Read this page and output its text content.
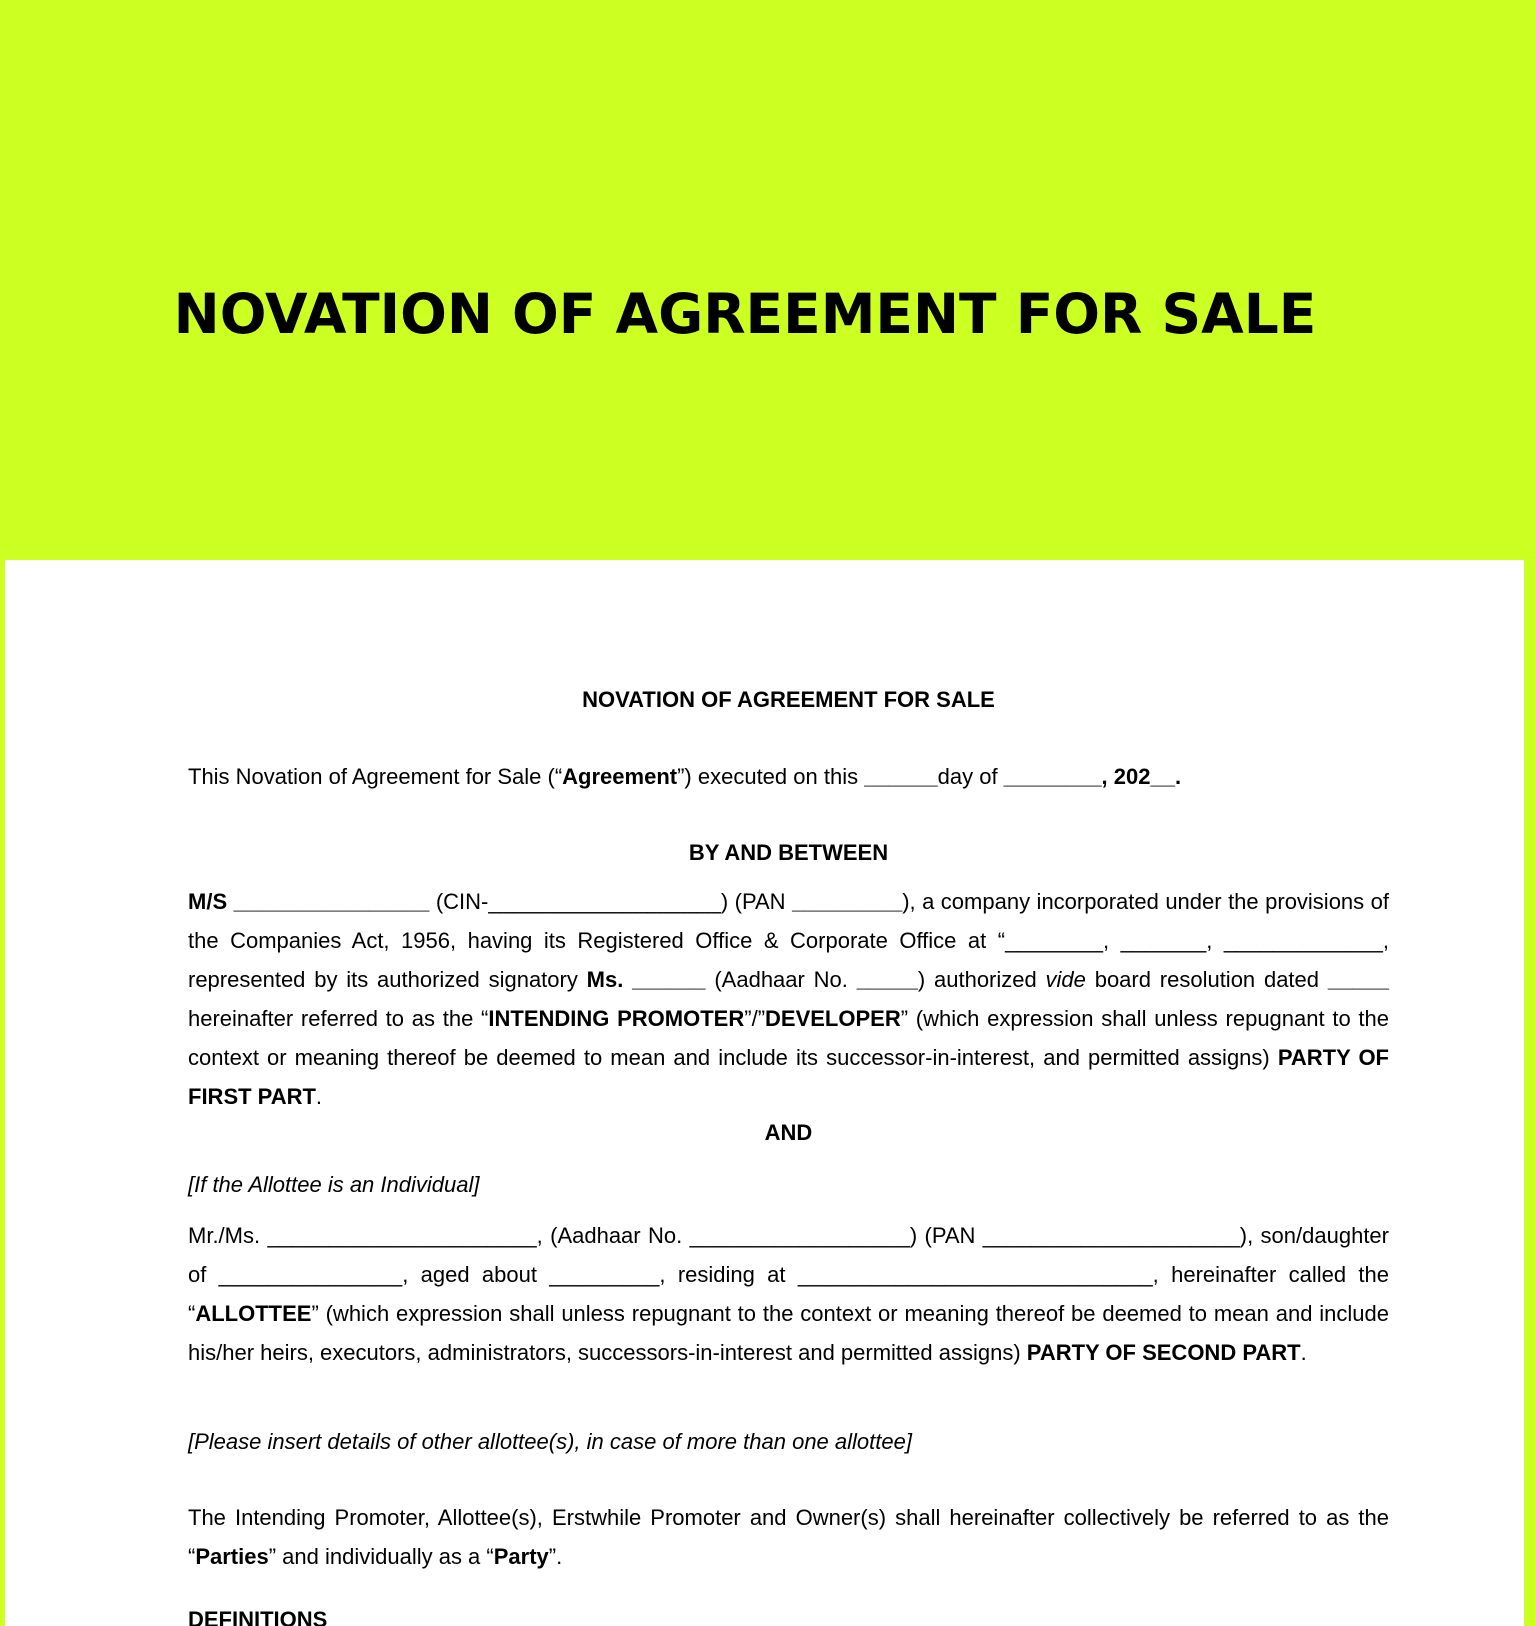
NOVATION OF AGREEMENT FOR SALE
NOVATION OF AGREEMENT FOR SALE
This Novation of Agreement for Sale (“Agreement”) executed on this ______day of ________, 202__.
BY AND BETWEEN
M/S ________________ (CIN-___________________) (PAN _________), a company incorporated under the provisions of the Companies Act, 1956, having its Registered Office & Corporate Office at “________, _______, _____________, represented by its authorized signatory Ms. ______ (Aadhaar No. _____) authorized vide board resolution dated _____ hereinafter referred to as the “INTENDING PROMOTER”/”DEVELOPER” (which expression shall unless repugnant to the context or meaning thereof be deemed to mean and include its successor-in-interest, and permitted assigns) PARTY OF FIRST PART.
AND
[If the Allottee is an Individual]
Mr./Ms. ______________________, (Aadhaar No. __________________) (PAN _____________________), son/daughter of _______________, aged about _________, residing at _____________________________, hereinafter called the “ALLOTTEE” (which expression shall unless repugnant to the context or meaning thereof be deemed to mean and include his/her heirs, executors, administrators, successors-in-interest and permitted assigns) PARTY OF SECOND PART.
[Please insert details of other allottee(s), in case of more than one allottee]
The Intending Promoter, Allottee(s), Erstwhile Promoter and Owner(s) shall hereinafter collectively be referred to as the “Parties” and individually as a “Party”.
DEFINITIONS
